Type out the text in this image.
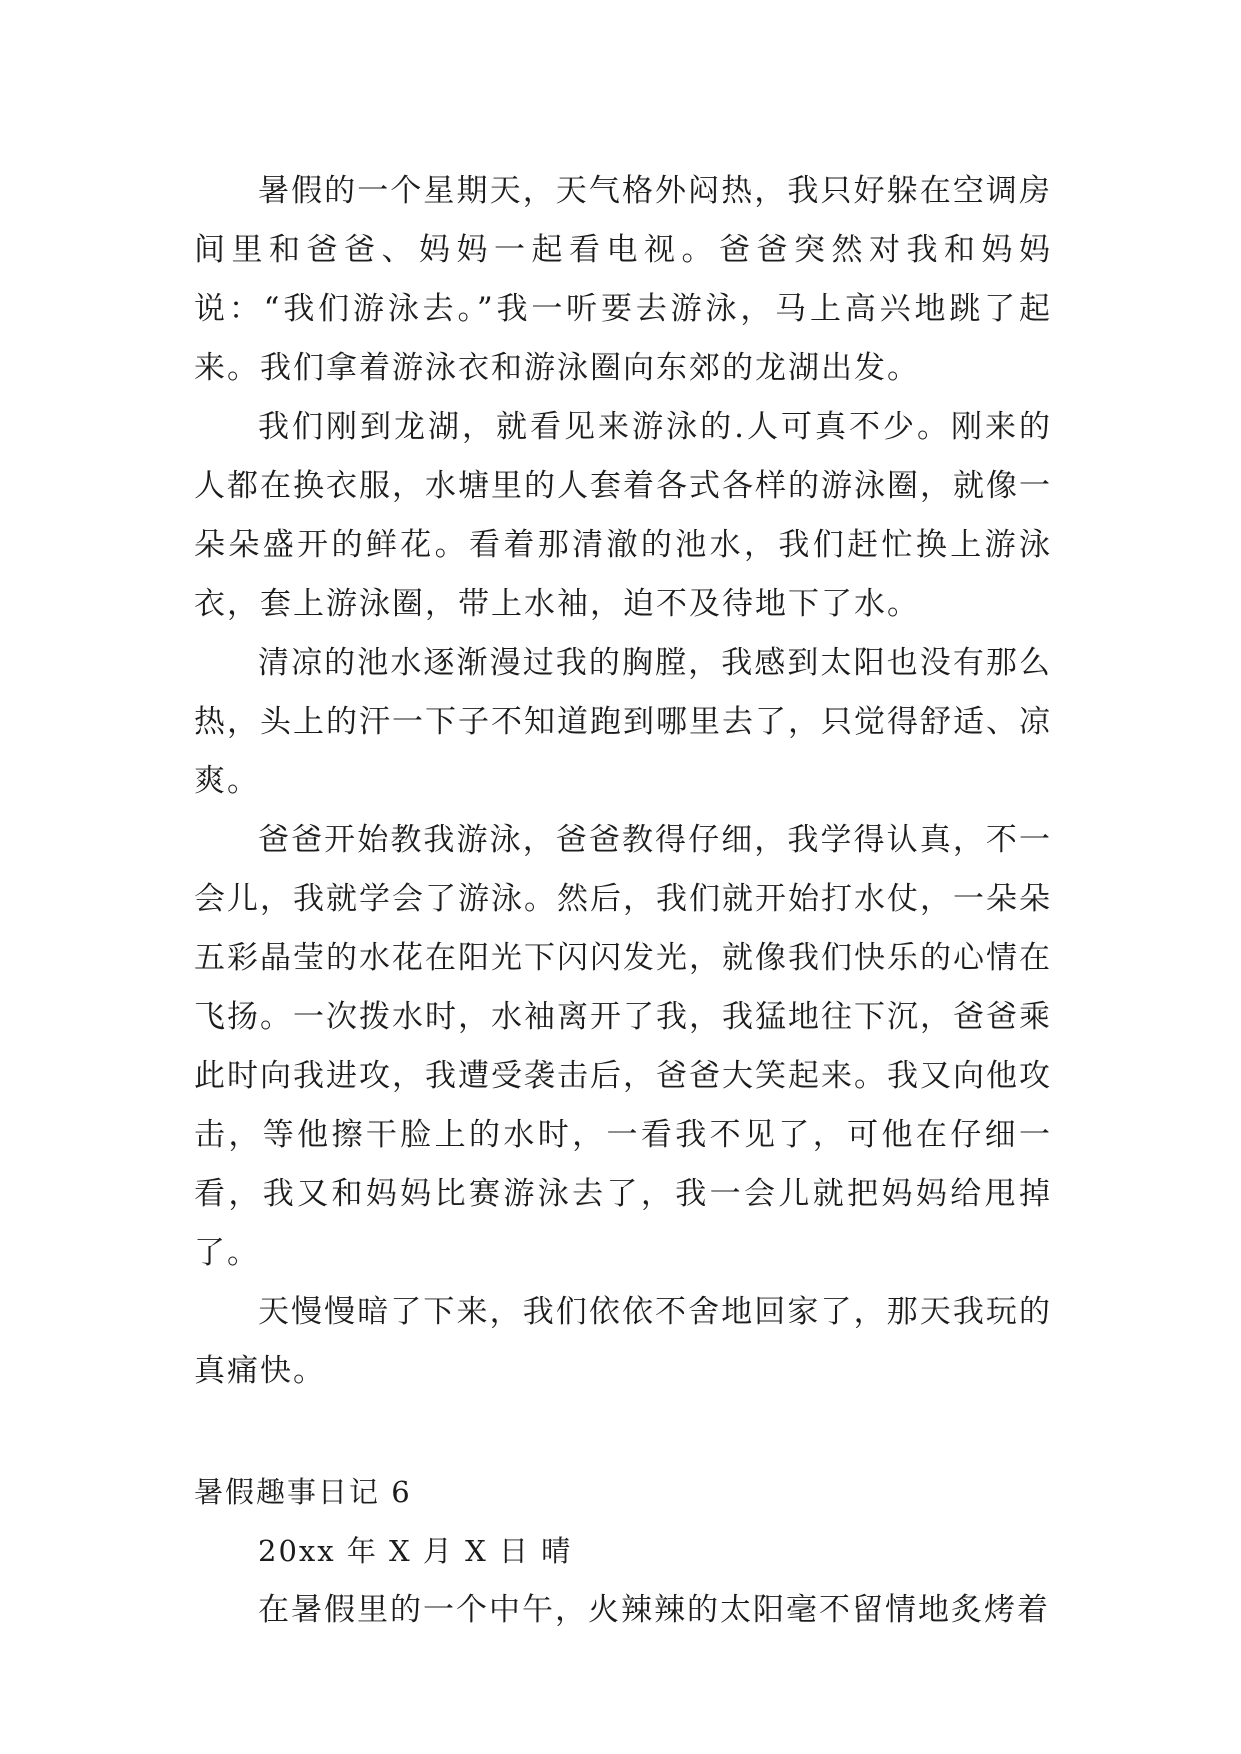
暑假的一个星期天，天气格外闷热，我只好躲在空调房间里和爸爸、妈妈一起看电视。爸爸突然对我和妈妈说：“我们游泳去。”我一听要去游泳，马上高兴地跳了起来。我们拿着游泳衣和游泳圈向东郊的龙湖出发。

我们刚到龙湖，就看见来游泳的.人可真不少。刚来的人都在换衣服，水塘里的人套着各式各样的游泳圈，就像一朵朵盛开的鲜花。看着那清澈的池水，我们赶忙换上游泳衣，套上游泳圈，带上水袖，迫不及待地下了水。

清凉的池水逐渐漫过我的胸膛，我感到太阳也没有那么热，头上的汗一下子不知道跑到哪里去了，只觉得舒适、凉爽。

爸爸开始教我游泳，爸爸教得仔细，我学得认真，不一会儿，我就学会了游泳。然后，我们就开始打水仗，一朵朵五彩晶莹的水花在阳光下闪闪发光，就像我们快乐的心情在飞扬。一次拨水时，水袖离开了我，我猛地往下沉，爸爸乘此时向我进攻，我遭受袭击后，爸爸大笑起来。我又向他攻击，等他擦干脸上的水时，一看我不见了，可他在仔细一看，我又和妈妈比赛游泳去了，我一会儿就把妈妈给甩掉了。

天慢慢暗了下来，我们依依不舍地回家了，那天我玩的真痛快。

暑假趣事日记 6

20xx 年 X 月 X 日 晴

在暑假里的一个中午，火辣辣的太阳毫不留情地炙烤着
